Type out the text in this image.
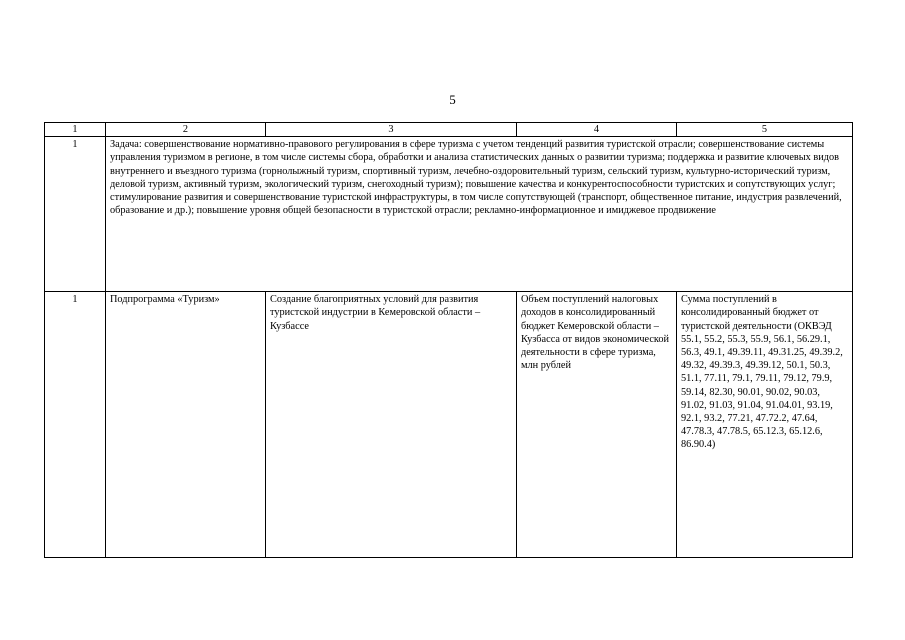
5
1	2	3	4	5
1	Задача: совершенствование нормативно-правового регулирования в сфере туризма с учетом тенденций развития туристской отрасли; совершенствование системы управления туризмом в регионе, в том числе системы сбора, обработки и анализа статистических данных о развитии туризма; поддержка и развитие ключевых видов внутреннего и въездного туризма (горнолыжный туризм, спортивный туризм, лечебно-оздоровительный туризм, сельский туризм, культурно-исторический туризм, деловой туризм, активный туризм, экологический туризм, снегоходный туризм); повышение качества и конкурентоспособности туристских и сопутствующих услуг; стимулирование развития и совершенствование туристской инфраструктуры, в том числе сопутствующей (транспорт, общественное питание, индустрия развлечений, образование и др.); повышение уровня общей безопасности в туристской отрасли; рекламно-информационное и имиджевое продвижение			

1	Подпрограмма «Туризм»	Создание благоприятных условий для развития туристской индустрии в Кемеровской области – Кузбассе	Объем поступлений налоговых доходов в консолидированный бюджет Кемеровской области – Кузбасса от видов экономической деятельности в сфере туризма,
млн рублей	Сумма поступлений в консолидированный бюджет от туристской деятельности (ОКВЭД 55.1, 55.2, 55.3, 55.9, 56.1, 56.29.1, 56.3, 49.1, 49.39.11, 49.31.25, 49.39.2, 49.32, 49.39.3, 49.39.12, 50.1, 50.3, 51.1, 77.11, 79.1, 79.11, 79.12, 79.9, 59.14, 82.30, 90.01, 90.02, 90.03, 91.02, 91.03, 91.04, 91.04.01, 93.19, 92.1, 93.2, 77.21, 47.72.2, 47.64, 47.78.3, 47.78.5, 65.12.3, 65.12.6, 86.90.4)
